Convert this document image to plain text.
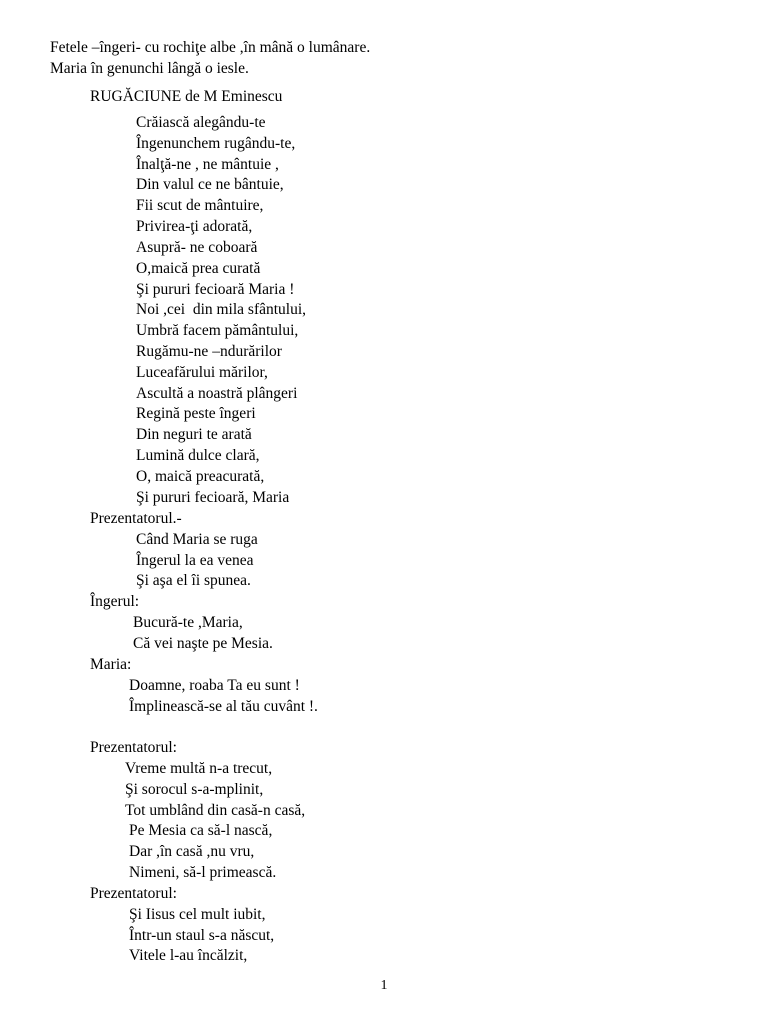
Fetele –îngeri- cu rochiţe albe ,în mână o lumânare.
Maria în genunchi lângă o iesle.
RUGĂCIUNE de M Eminescu
Crăiască alegându-te
Îngenunchem rugându-te,
Înalţă-ne , ne mântuie ,
Din valul ce ne bântuie,
Fii scut de mântuire,
Privirea-ţi adorată,
Asupră- ne coboară
O,maică prea curată
Şi pururi fecioară Maria !
Noi ,cei  din mila sfântului,
Umbră facem pământului,
Rugămu-ne –ndurărilor
Luceafărului mărilor,
Ascultă a noastră plângeri
Regină peste îngeri
Din neguri te arată
Lumină dulce clară,
O, maică preacurată,
Şi pururi fecioară, Maria
Prezentatorul.-
Când Maria se ruga
Îngerul la ea venea
Şi aşa el îi spunea.
Îngerul:
Bucură-te ,Maria,
Că vei naşte pe Mesia.
Maria:
Doamne, roaba Ta eu sunt !
Împlinească-se al tău cuvânt !.
Prezentatorul:
Vreme multă n-a trecut,
Şi sorocul s-a-mplinit,
Tot umblând din casă-n casă,
Pe Mesia ca să-l nască,
Dar ,în casă ,nu vru,
Nimeni, să-l primească.
Prezentatorul:
Şi Iisus cel mult iubit,
Într-un staul s-a născut,
Vitele l-au încălzit,
1
